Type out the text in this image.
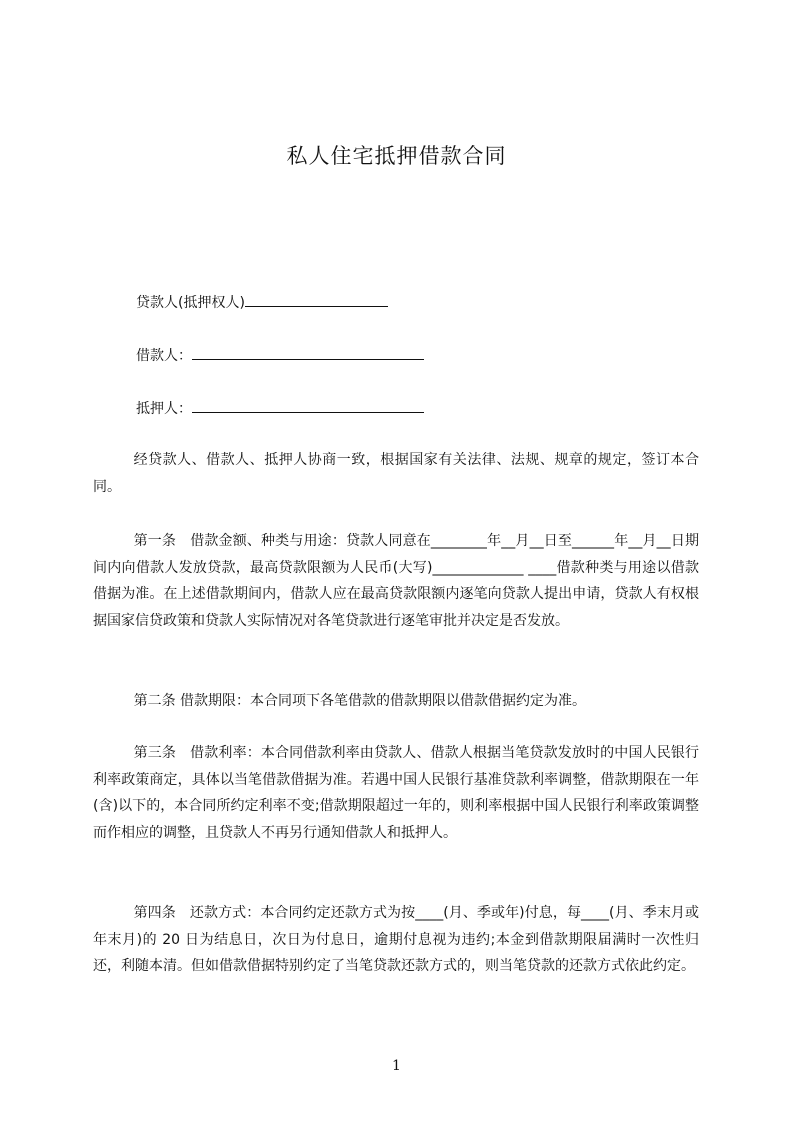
私人住宅抵押借款合同
贷款人(抵押权人)
借款人：
抵押人：

经贷款人、借款人、抵押人协商一致，根据国家有关法律、法规、规章的规定，签订本合同。

第一条　借款金额、种类与用途：贷款人同意在________年__月__日至______年__月__日期间内向借款人发放贷款，最高贷款限额为人民币(大写)_____________ ____借款种类与用途以借款借据为准。在上述借款期间内，借款人应在最高贷款限额内逐笔向贷款人提出申请，贷款人有权根据国家信贷政策和贷款人实际情况对各笔贷款进行逐笔审批并决定是否发放。

第二条 借款期限：本合同项下各笔借款的借款期限以借款借据约定为准。

第三条　借款利率：本合同借款利率由贷款人、借款人根据当笔贷款发放时的中国人民银行利率政策商定，具体以当笔借款借据为准。若遇中国人民银行基准贷款利率调整，借款期限在一年(含)以下的，本合同所约定利率不变;借款期限超过一年的，则利率根据中国人民银行利率政策调整而作相应的调整，且贷款人不再另行通知借款人和抵押人。

第四条　还款方式：本合同约定还款方式为按____(月、季或年)付息，每____(月、季末月或年末月)的 20 日为结息日，次日为付息日，逾期付息视为违约;本金到借款期限届满时一次性归还，利随本清。但如借款借据特别约定了当笔贷款还款方式的，则当笔贷款的还款方式依此约定。

1
